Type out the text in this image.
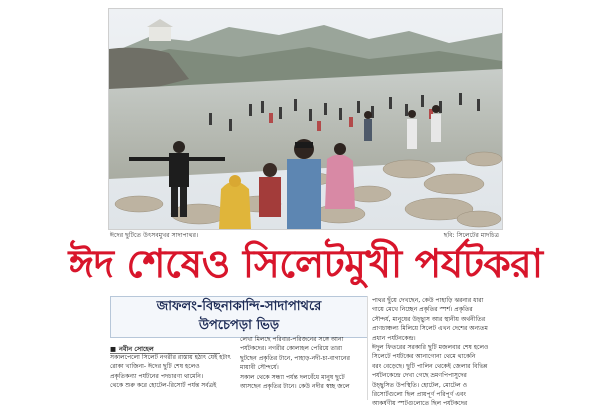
ঈদের ছুটিতে উৎসবমুখর সাদাপাথর।	ছবি: সিলেটের মাদচিত্র
ঈদ শেষেও সিলেটমুখী পর্যটকরা
জাফলং-বিছনাকান্দি-সাদাপাথরে
উপচেপড়া ভিড়
■ নবীন সোহেল

সকালপেলো সিলেট নগরীর রাস্তায় হঠাৎ যেই হটাৎ

রোকা খাজিনা- ঈদের ছুটি শেষ হলেও

প্রকৃতিকন্যা পর্যটনের পদচারণা থামেনি।

থেকে শুরু করে হোটেল-রিসোর্ট পর্যন্ত সর্বত্রই

লেখা মিলছে পরিবার-পরিজনের সঙ্গে আনা

পর্যটকদের। নগরীর কোলাহল পেরিয়ে তারা

ছুটছেন প্রকৃতির টানে, পাহাড়-নদী-চা-বাগানের

মায়াবী সৌন্দর্যে।

সকাল থেকে সন্ধ্যা পর্যন্ত দলবেঁধে মানুষ ছুটে

আসছেন প্রকৃতির টানে। কেউ নদীর স্বচ্ছ জলে

পাথর ছুঁয়ে দেখছেন, কেউ পাহাড়ি ঝরনার ধারা

গায়ে মেখে নিচ্ছেন প্রকৃতির স্পর্শ। প্রকৃতির

সৌন্দর্য, মানুষের উচ্ছ্বাস আর স্থানীয় অর্থনীতির

প্রাণচাঞ্চল্য মিলিয়ে সিলেট এখন দেশের অন্যতম

প্রধান পর্যটনকেন্দ্র।

ঈদুল ফিতরের সরকারি ছুটি মজলবার শেষ হলেও

সিলেটে পর্যটকের আনাগোনা থেমে থাকেনি

বরং বেড়েছে। ছুটি পালিন থেকেই জেলার বিভিন্ন

পর্যটনকেন্দ্রে দেখা গেছে ভ্রমণপিপাসুদের

উচ্ছ্বসিত উপস্থিতি। হোটেল, মোটেল ও

রিসোর্টগুলো ছিল প্রায়পূর্ণ পরিপূর্ণ এবং

আকর্ষণীয় স্পটগুলোতে ছিল পর্যটকদের
